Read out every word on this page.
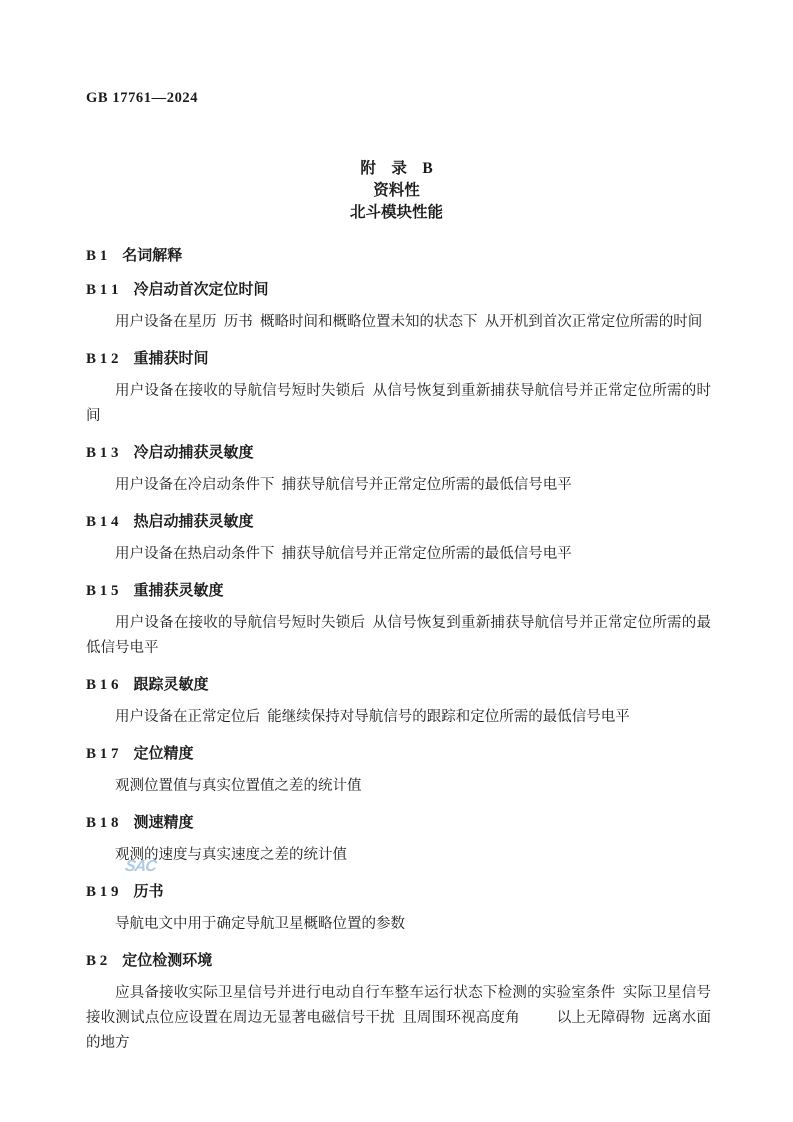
GB 17761—2024
附　录　B
资料性
北斗模块性能
B 1　名词解释
B 1 1　冷启动首次定位时间
用户设备在星历 历书 概略时间和概略位置未知的状态下 从开机到首次正常定位所需的时间
B 1 2　重捕获时间
用户设备在接收的导航信号短时失锁后 从信号恢复到重新捕获导航信号并正常定位所需的时间
B 1 3　冷启动捕获灵敏度
用户设备在冷启动条件下 捕获导航信号并正常定位所需的最低信号电平
B 1 4　热启动捕获灵敏度
用户设备在热启动条件下 捕获导航信号并正常定位所需的最低信号电平
B 1 5　重捕获灵敏度
用户设备在接收的导航信号短时失锁后 从信号恢复到重新捕获导航信号并正常定位所需的最低信号电平
B 1 6　跟踪灵敏度
用户设备在正常定位后 能继续保持对导航信号的跟踪和定位所需的最低信号电平
B 1 7　定位精度
观测位置值与真实位置值之差的统计值
B 1 8　测速精度
观测的速度与真实速度之差的统计值
B 1 9　历书
导航电文中用于确定导航卫星概略位置的参数
B 2　定位检测环境
应具备接收实际卫星信号并进行电动自行车整车运行状态下检测的实验室条件 实际卫星信号接收测试点位应设置在周边无显著电磁信号干扰 且周围环视高度角　　 以上无障碍物 远离水面的地方
SAC
